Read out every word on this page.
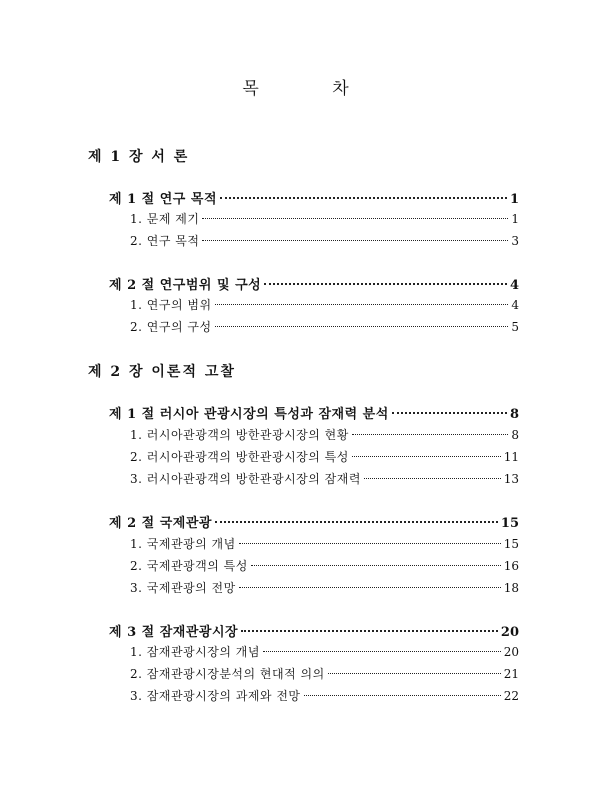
목 차
제 1 장 서 론
제 1 절 연구 목적	1
1. 문제 제기	1
2. 연구 목적	3
제 2 절 연구범위 및 구성	4
1. 연구의 범위	4
2. 연구의 구성	5
제 2 장 이론적 고찰
제 1 절 러시아 관광시장의 특성과 잠재력 분석	8
1. 러시아관광객의 방한관광시장의 현황	8
2. 러시아관광객의 방한관광시장의 특성	11
3. 러시아관광객의 방한관광시장의 잠재력	13
제 2 절 국제관광	15
1. 국제관광의 개념	15
2. 국제관광객의 특성	16
3. 국제관광의 전망	18
제 3 절 잠재관광시장	20
1. 잠재관광시장의 개념	20
2. 잠재관광시장분석의 현대적 의의	21
3. 잠재관광시장의 과제와 전망	22
